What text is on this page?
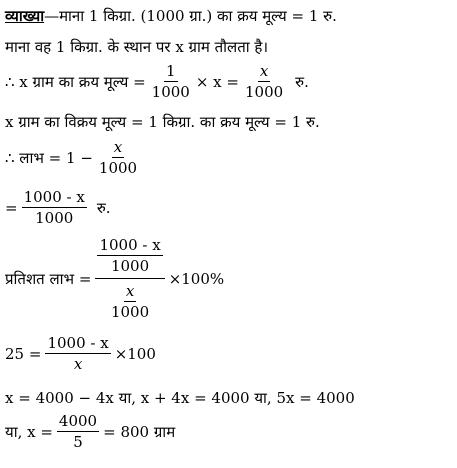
व्याख्या —माना 1 किग्रा. (1000 ग्रा.) का क्रय मूल्य = 1 रु.
माना वह 1 किग्रा. के स्थान पर x ग्राम तौलता है।
∴ x ग्राम का क्रय मूल्य = $\frac{1}{1000} \times x = \frac{x}{1000}$ रु.
x ग्राम का विक्रय मूल्य = 1 किग्रा. का क्रय मूल्य = 1 रु.
∴ लाभ = $1 - \frac{x}{1000}$
= $\frac{1000 - x}{1000}$ रु.
प्रतिशत लाभ = $\frac{\frac{1000 - x}{1000}}{\frac{x}{1000}} \times 100\%$
$25 = \frac{1000 - x}{x} \times 100$
x = 4000 − 4x या, x + 4x = 4000 या, 5x = 4000
या, $x = \frac{4000}{5} = 800$ ग्राम
